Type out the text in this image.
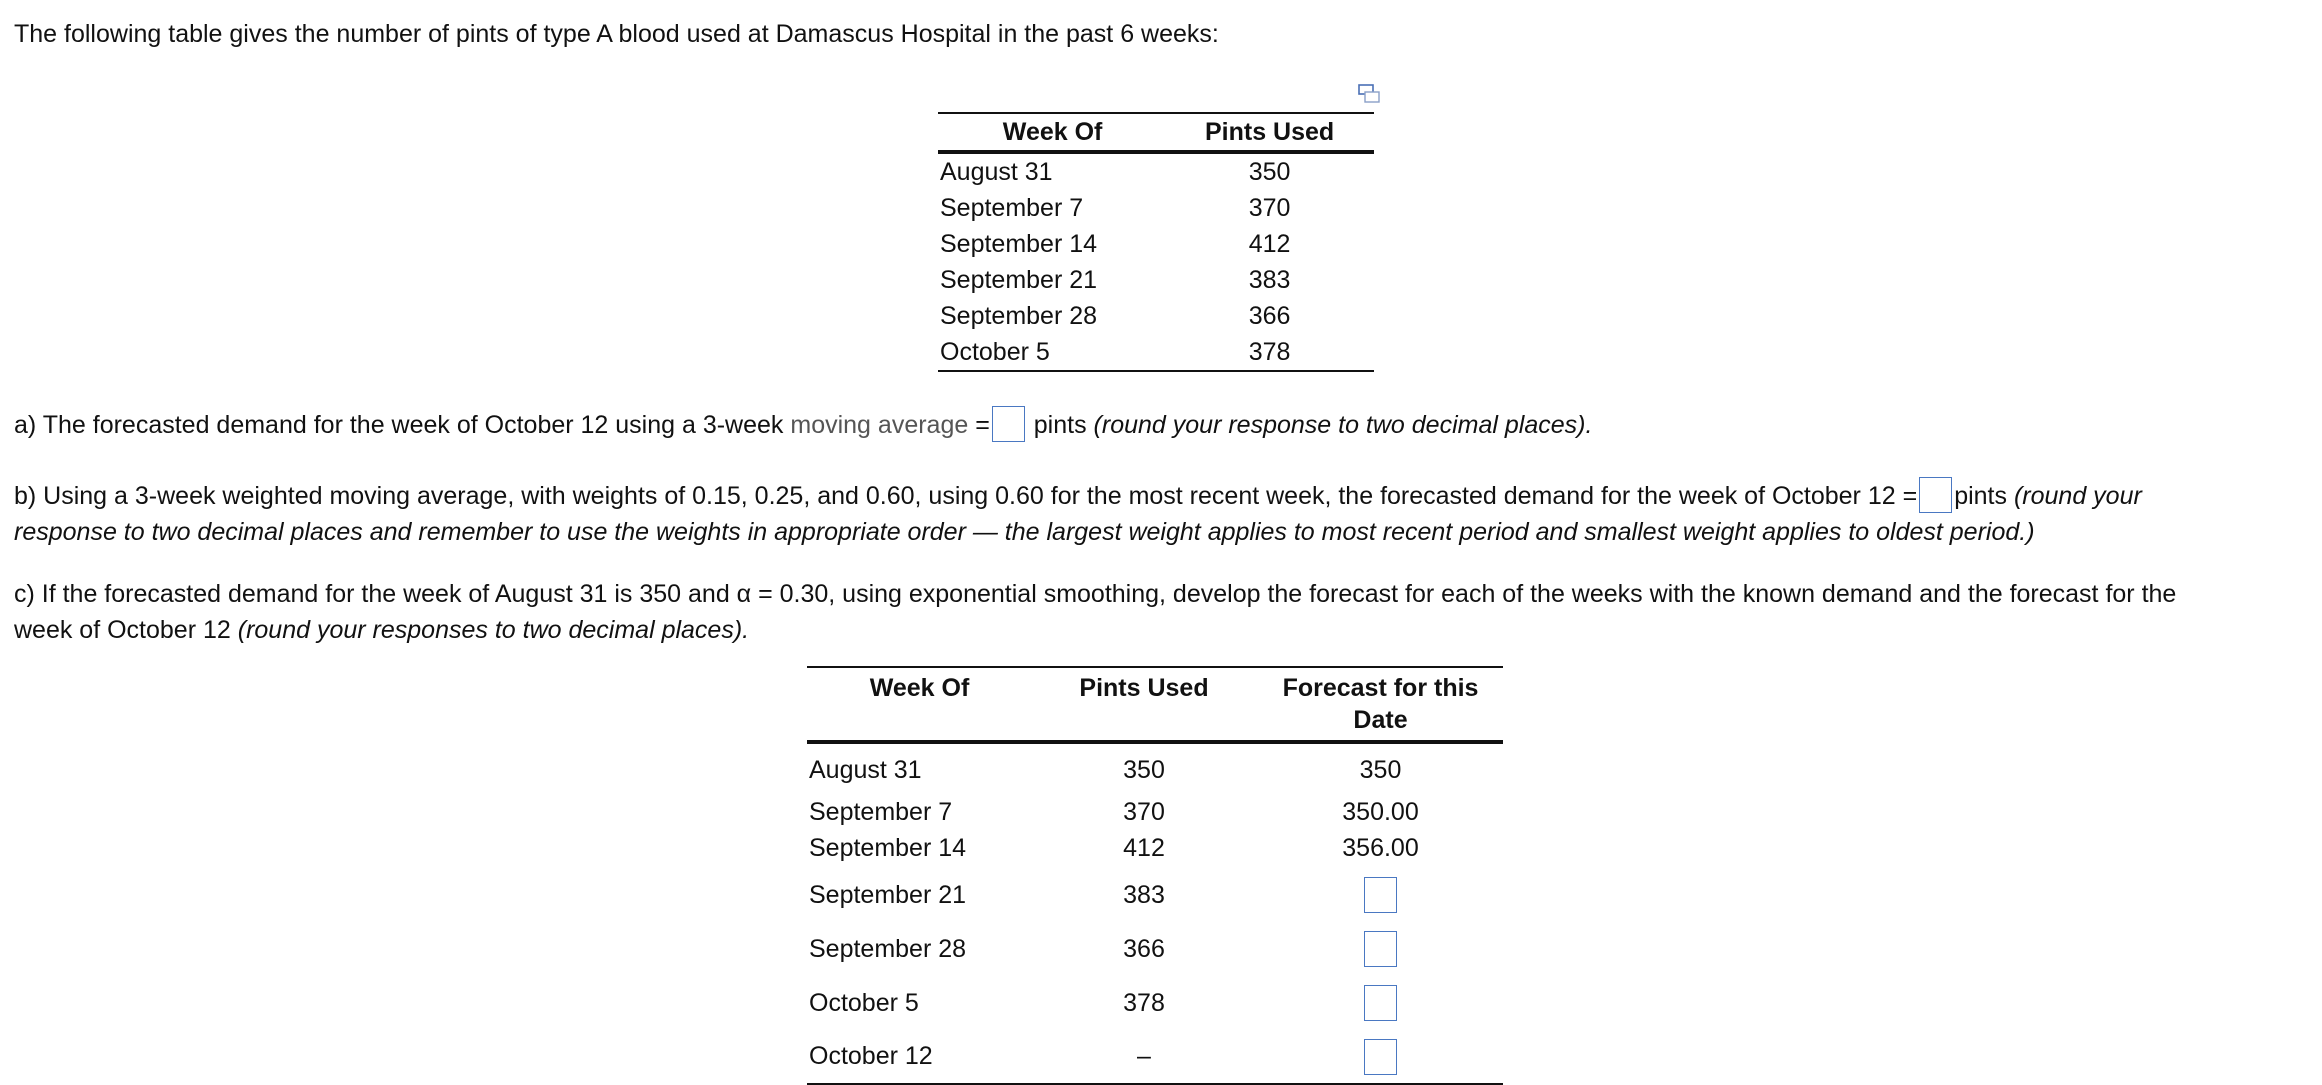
The following table gives the number of pints of type A blood used at Damascus Hospital in the past 6 weeks:
Week Of	Pints Used
August 31	350
September 7	370
September 14	412
September 21	383
September 28	366
October 5	378
a) The forecasted demand for the week of October 12 using a 3-week moving average = pints (round your response to two decimal places).
b) Using a 3-week weighted moving average, with weights of 0.15, 0.25, and 0.60, using 0.60 for the most recent week, the forecasted demand for the week of October 12 = pints (round your
response to two decimal places and remember to use the weights in appropriate order — the largest weight applies to most recent period and smallest weight applies to oldest period.)
c) If the forecasted demand for the week of August 31 is 350 and α = 0.30, using exponential smoothing, develop the forecast for each of the weeks with the known demand and the forecast for the
week of October 12 (round your responses to two decimal places).
Week Of	Pints Used	Forecast for this
Date
August 31	350	350
September 7	370	350.00
September 14	412	356.00
September 21	383	
September 28	366	
October 5	378	
October 12	–	
